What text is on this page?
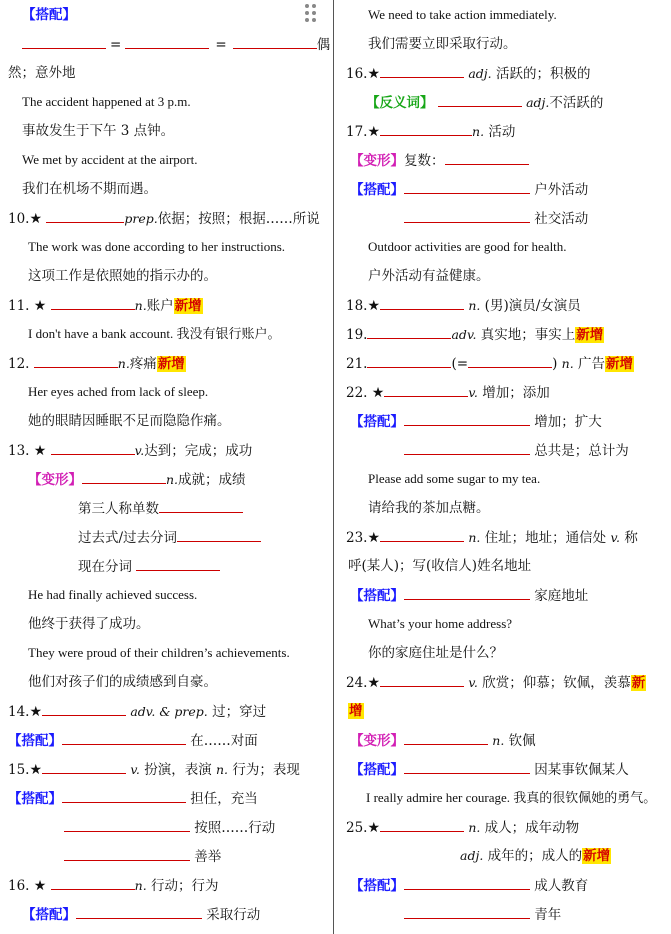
【搭配】
=	=	偶
然；意外地
The accident happened at 3 p.m.
事故发生于下午 3 点钟。
We met by accident at the airport.
我们在机场不期而遇。
10.★	prep.依据；按照；根据……所说
The work was done according to her instructions.
这项工作是依照她的指示办的。
11. ★	n.账户新增
I don't have a bank account. 我没有银行账户。
12.	n.疼痛新增
Her eyes ached from lack of sleep.
她的眼睛因睡眠不足而隐隐作痛。
13. ★	v.达到；完成；成功
【变形】	n.成就；成绩
第三人称单数
过去式/过去分词
现在分词
He had finally achieved success.
他终于获得了成功。
They were proud of their children’s achievements.
他们对孩子们的成绩感到自豪。
14.★	adv. & prep. 过；穿过
【搭配】	在……对面
15.★	v. 扮演，表演 n. 行为；表现
【搭配】	担任，充当
按照……行动
善举
16. ★	n. 行动；行为
【搭配】	采取行动
We need to take action immediately.
我们需要立即采取行动。
16.★	adj. 活跃的；积极的
【反义词】	adj.不活跃的
17.★	n. 活动
【变形】复数：
【搭配】	户外活动
社交活动
Outdoor activities are good for health.
户外活动有益健康。
18.★	n. (男)演员/女演员
19.	adv. 真实地；事实上新增
21.	(=	) n. 广告新增
22. ★	v. 增加；添加
【搭配】	增加；扩大
总共是；总计为
Please add some sugar to my tea.
请给我的茶加点糖。
23.★	n. 住址；地址；通信处 v. 称
呼(某人)；写(收信人)姓名地址
【搭配】	家庭地址
What’s your home address?
你的家庭住址是什么？
24.★	v. 欣赏；仰慕；钦佩，羡慕新
增
【变形】	n. 钦佩
【搭配】	因某事钦佩某人
I really admire her courage. 我真的很钦佩她的勇气。
25.★	n. 成人；成年动物
adj. 成年的；成人的新增
【搭配】	成人教育
青年
